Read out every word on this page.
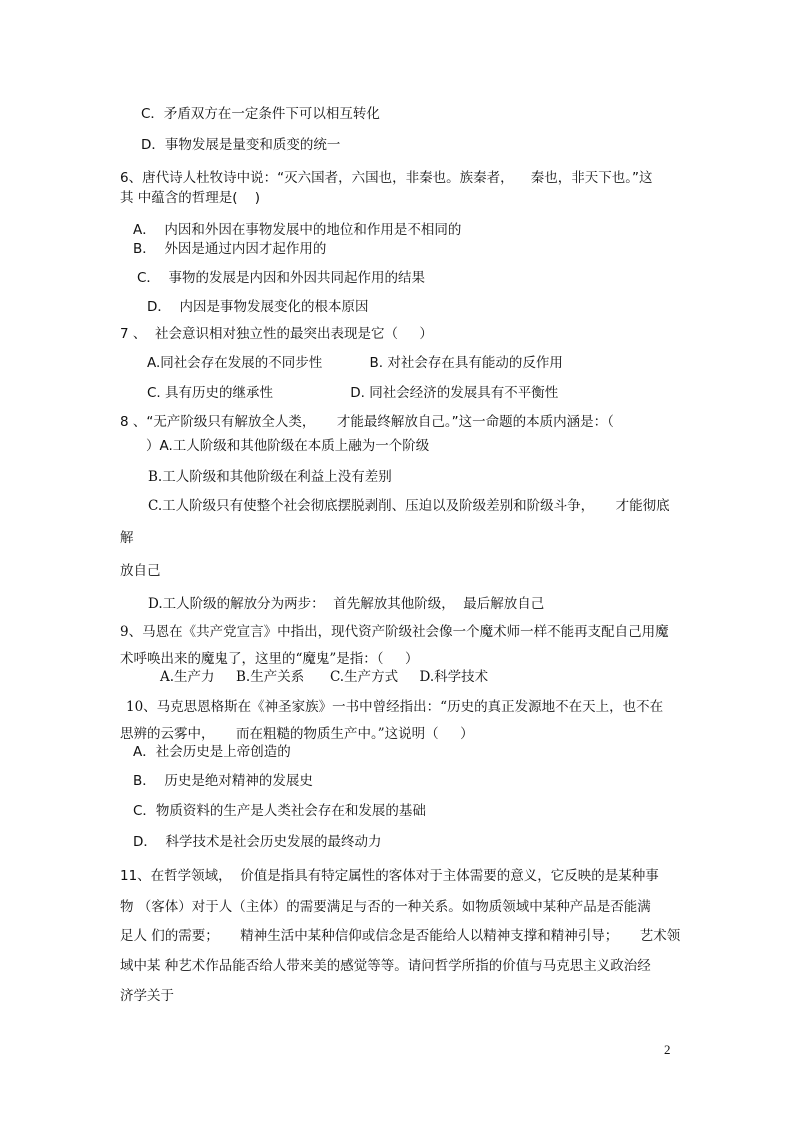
C．矛盾双方在一定条件下可以相互转化
D．事物发展是量变和质变的统一
6、唐代诗人杜牧诗中说：“灭六国者，六国也，非秦也。族秦者，    秦也，非天下也。”这
其 中蕴含的哲理是(    )
A．  内因和外因在事物发展中的地位和作用是不相同的
B．  外因是通过内因才起作用的
C．  事物的发展是内因和外因共同起作用的结果
D．  内因是事物发展变化的根本原因
7 、  社会意识相对独立性的最突出表现是它（     ）
A.同社会存在发展的不同步性           B. 对社会存在具有能动的反作用
C. 具有历史的继承性                  D. 同社会经济的发展具有不平衡性
8 、“无产阶级只有解放全人类，     才能最终解放自己。”这一命题的本质内涵是：（
）A.工人阶级和其他阶级在本质上融为一个阶级
B.工人阶级和其他阶级在利益上没有差别
C.工人阶级只有使整个社会彻底摆脱剥削、压迫以及阶级差别和阶级斗争，     才能彻底
解
放自己
D.工人阶级的解放分为两步：  首先解放其他阶级，  最后解放自己
9、马恩在《共产党宣言》中指出，现代资产阶级社会像一个魔术师一样不能再支配自己用魔
术呼唤出来的魔鬼了，这里的“魔鬼”是指：（     ）
A.生产力     B.生产关系      C.生产方式     D.科学技术
10、马克思恩格斯在《神圣家族》一书中曾经指出：“历史的真正发源地不在天上，也不在
思辨的云雾中，     而在粗糙的物质生产中。”这说明（     ）
A．社会历史是上帝创造的
B．  历史是绝对精神的发展史
C．物质资料的生产是人类社会存在和发展的基础
D．  科学技术是社会历史发展的最终动力
11、在哲学领域，  价值是指具有特定属性的客体对于主体需要的意义，它反映的是某种事
物 （客体）对于人（主体）的需要满足与否的一种关系。如物质领域中某种产品是否能满
足人 们的需要；     精神生活中某种信仰或信念是否能给人以精神支撑和精神引导；     艺术领
域中某 种艺术作品能否给人带来美的感觉等等。请问哲学所指的价值与马克思主义政治经
济学关于
2
